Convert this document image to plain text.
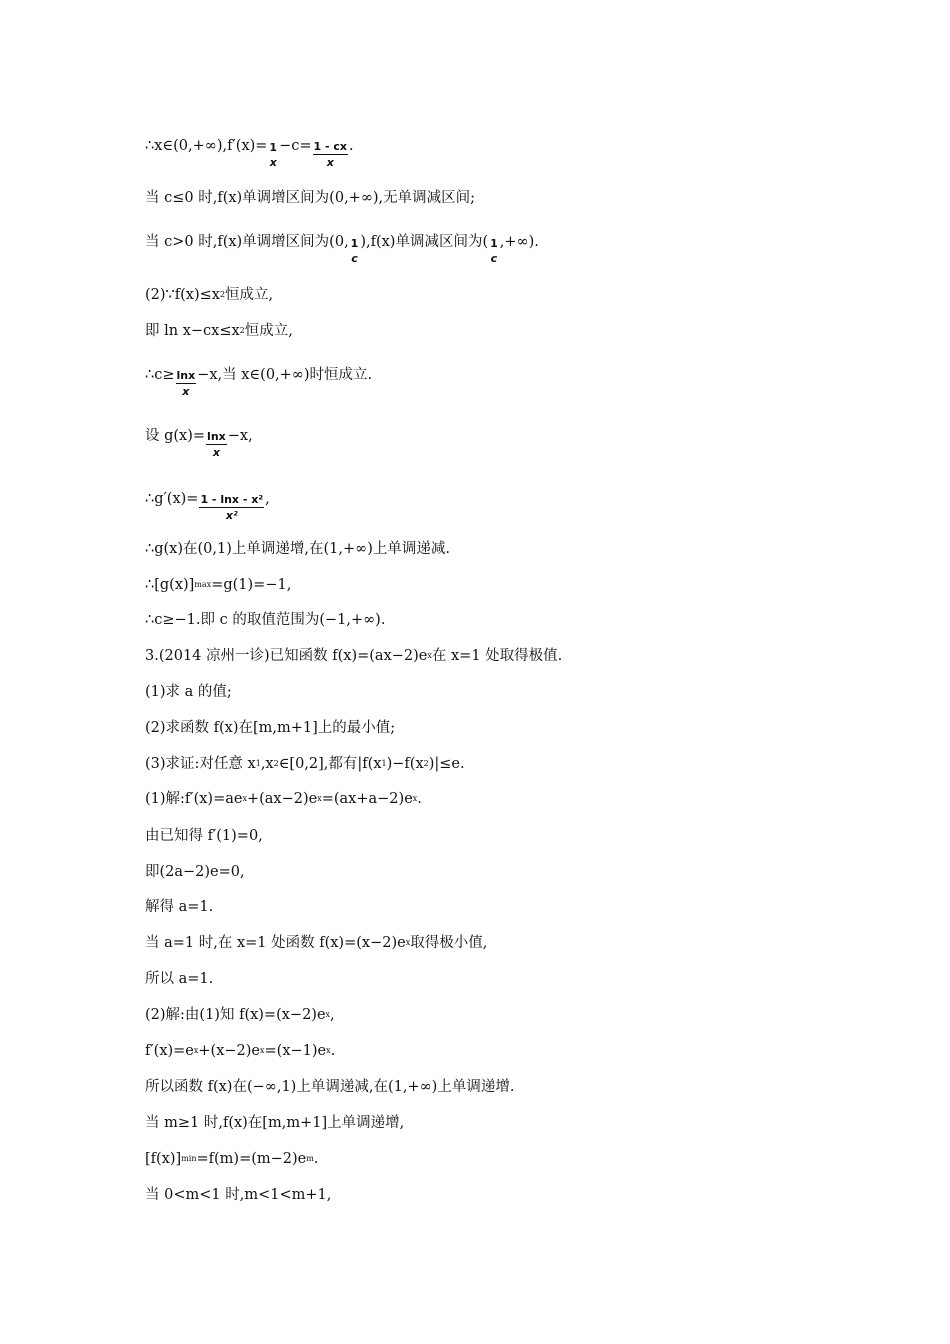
∴x∈(0,+∞),f′(x)= 1
x
$-c= \frac{1 - cx}{x}$ .
当 c≤0 时,f(x)单调增区间为(0,+∞),无单调减区间;
当 c>0 时,f(x)单调增区间为(0, 1
c
),f(x)单调减区间为( 1
c
,+∞).
(2)∵f(x)≤x 2 恒成立,
即 ln x−cx≤x 2 恒成立,
∴c≥ $\frac{\ln x}{x} -x$,当 x∈(0,+∞)时恒成立.
设 $g(x)= \frac{\ln x}{x} -x$,
∴g′(x)= $\frac{\text{1 - lnx - x²}}{\text{x²}}$ ,
∴g(x)在(0,1)上单调递增,在(1,+∞)上单调递减.
∴[g(x)] max =g(1)=−1,
∴c≥−1.即 c 的取值范围为(−1,+∞).
3.(2014 凉州一诊)已知函数 f(x)=(ax−2)e x 在 x=1 处取得极值.
(1)求 a 的值;
(2)求函数 f(x)在[m,m+1]上的最小值;
(3)求证:对任意 x 1 ,x 2 ∈[0,2],都有|f(x 1 )−f(x 2 )|≤e.
(1)解:f′(x)=ae x +(ax−2)e x =(ax+a−2)e x .
由已知得 f′(1)=0,
即(2a−2)e=0,
解得 a=1.
当 a=1 时,在 x=1 处函数 f(x)=(x−2)e x 取得极小值,
所以 a=1.
(2)解:由(1)知 f(x)=(x−2)e x ,
f′(x)=e x +(x−2)e x =(x−1)e x .
所以函数 f(x)在(−∞,1)上单调递减,在(1,+∞)上单调递增.
当 m≥1 时,f(x)在[m,m+1]上单调递增,
[f(x)] min =f(m)=(m−2)e m .
当 0<m<1 时,m<1<m+1,
